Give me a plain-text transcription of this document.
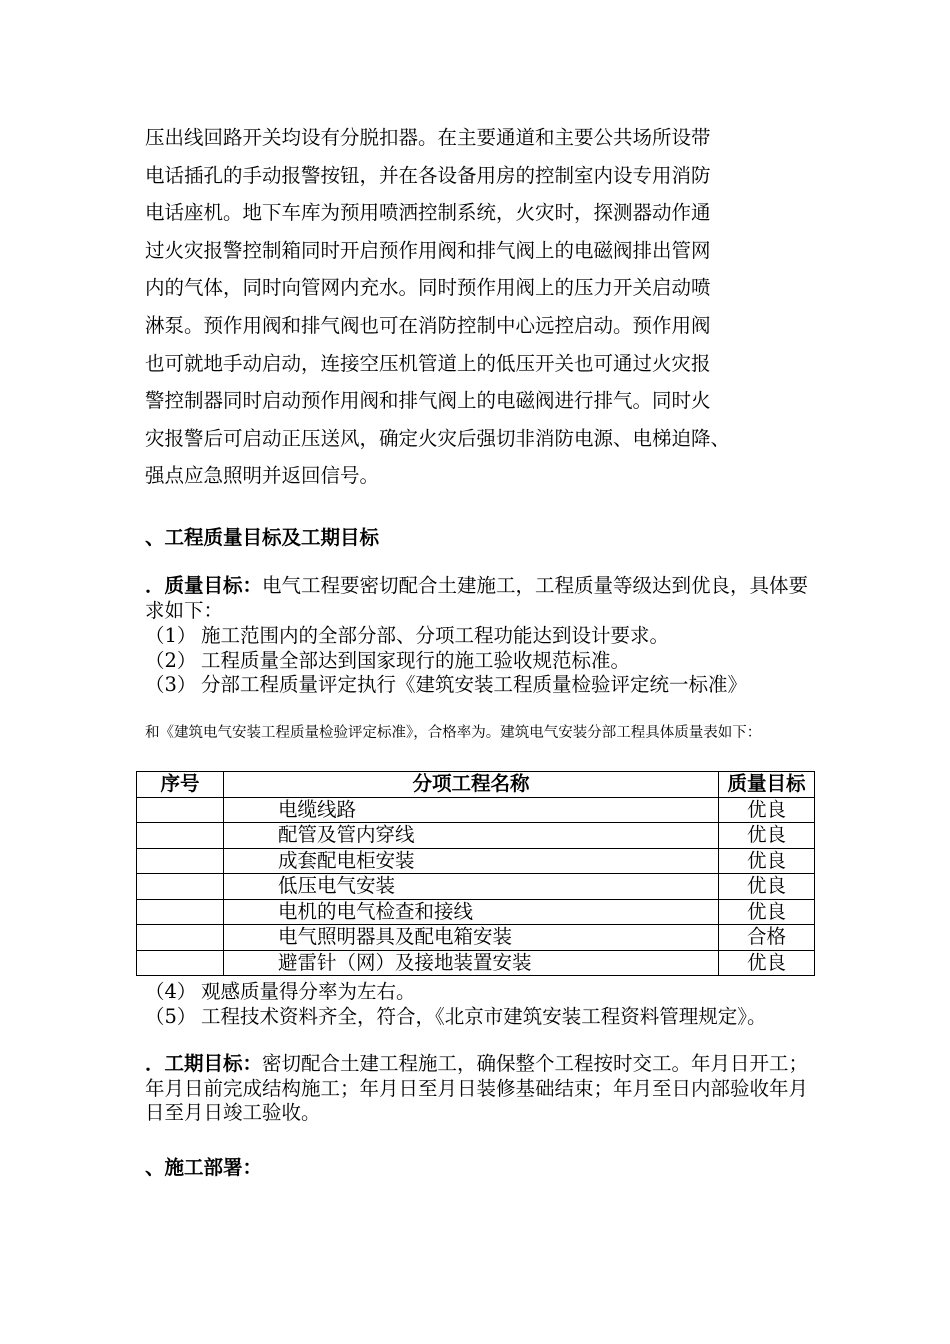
压出线回路开关均设有分脱扣器。在主要通道和主要公共场所设带
电话插孔的手动报警按钮，并在各设备用房的控制室内设专用消防
电话座机。地下车库为预用喷洒控制系统，火灾时，探测器动作通
过火灾报警控制箱同时开启预作用阀和排气阀上的电磁阀排出管网
内的气体，同时向管网内充水。同时预作用阀上的压力开关启动喷
淋泵。预作用阀和排气阀也可在消防控制中心远控启动。预作用阀
也可就地手动启动，连接空压机管道上的低压开关也可通过火灾报
警控制器同时启动预作用阀和排气阀上的电磁阀进行排气。同时火
灾报警后可启动正压送风，确定火灾后强切非消防电源、电梯迫降、
强点应急照明并返回信号。
、工程质量目标及工期目标
．质量目标：电气工程要密切配合土建施工，工程质量等级达到优良，具体要求如下：
（1） 施工范围内的全部分部、分项工程功能达到设计要求。
（2） 工程质量全部达到国家现行的施工验收规范标准。
（3） 分部工程质量评定执行《建筑安装工程质量检验评定统一标准》
和《建筑电气安装工程质量检验评定标准》，合格率为。建筑电气安装分部工程具体质量表如下：
序号	分项工程名称	质量目标
	电缆线路	优良
	配管及管内穿线	优良
	成套配电柜安装	优良
	低压电气安装	优良
	电机的电气检查和接线	优良
	电气照明器具及配电箱安装	合格
	避雷针（网）及接地装置安装	优良
（4） 观感质量得分率为左右。
（5） 工程技术资料齐全，符合，《北京市建筑安装工程资料管理规定》。
．工期目标：密切配合土建工程施工，确保整个工程按时交工。年月日开工；年月日前完成结构施工；年月日至月日装修基础结束；年月至日内部验收年月日至月日竣工验收。
、施工部署：
